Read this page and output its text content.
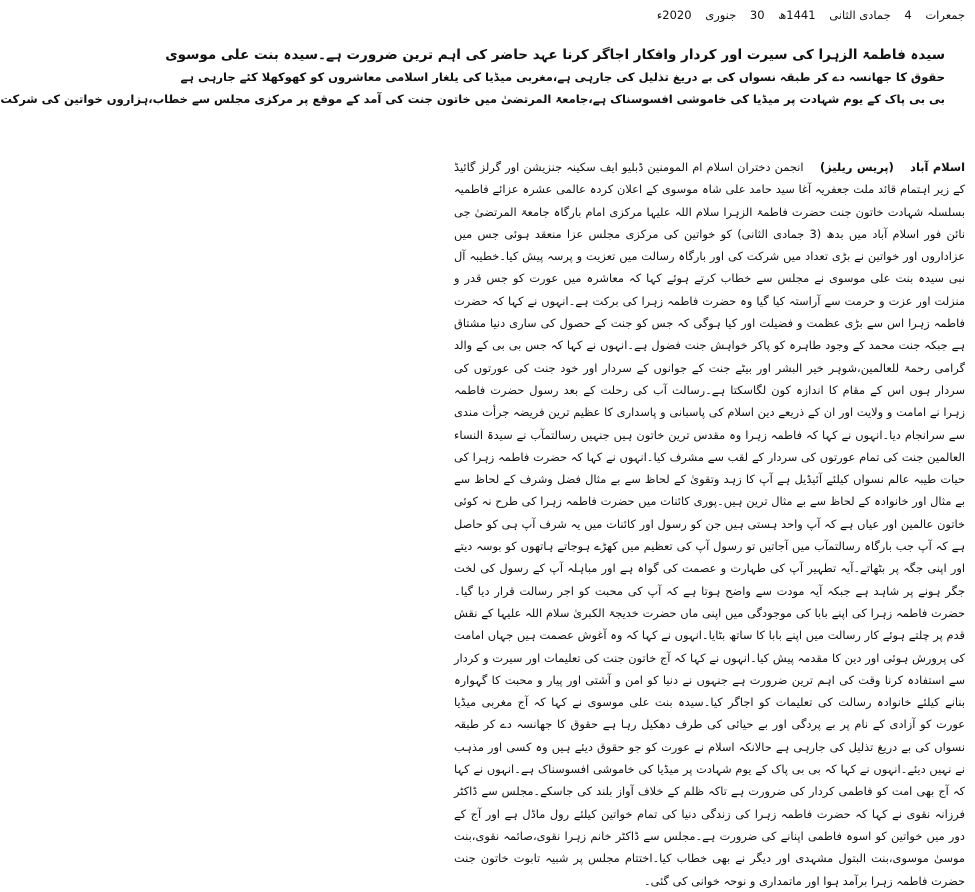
جمعرات 4 جمادی الثانی 1441ھ 30 جنوری 2020ء
سیدہ فاطمۃ الزہرا کی سیرت اور کردار وافکار اجاگر کرنا عہد حاضر کی اہم ترین ضرورت ہے۔سیدہ بنت علی موسوی
حقوق کا جھانسہ دے کر طبقہ نسواں کی بے دریغ تذلیل کی جارہی ہے،مغربی میڈیا کی یلغار اسلامی معاشروں کو کھوکھلا کئے جارہی ہے
بی بی پاک کے یوم شہادت پر میڈیا کی خاموشی افسوسناک ہے،جامعۃ المرتضیٰ میں خاتون جنت کی آمد کے موقع پر مرکزی مجلس سے خطاب،ہزاروں خواتین کی شرکت

اسلام آباد    (پریس ریلیز)    انجمن دختران اسلام ام المومنین ڈبلیو ایف سکینہ جنزیشن اور گرلز گائیڈ کے زیر اہتمام قائد ملت جعفریہ آغا سید حامد علی شاہ موسوی کے اعلان کردہ عالمی عشرہ عزائے فاطمیہ بسلسلہ شہادت خاتون جنت حضرت فاطمۃ الزہرا سلام اللہ علیہا مرکزی امام بارگاہ جامعۃ المرتضیٰ جی نائن فور اسلام آباد میں بدھ (3 جمادی الثانی) کو خواتین کی مرکزی مجلس عزا منعقد ہوئی جس میں عزاداروں اور خواتین نے بڑی تعداد میں شرکت کی اور بارگاہ رسالت میں تعزیت و پرسہ پیش کیا۔خطیبہ آل نبی سیدہ بنت علی موسوی نے مجلس سے خطاب کرتے ہوئے کہا کہ معاشرہ میں عورت کو جس قدر و منزلت اور عزت و حرمت سے آراستہ کیا گیا وہ حضرت فاطمہ زہرا کی برکت ہے۔انہوں نے کہا کہ حضرت فاطمہ زہرا اس سے بڑی عظمت و فضیلت اور کیا ہوگی کہ جس کو جنت کے حصول کی ساری دنیا مشتاق ہے جبکہ جنت محمد کے وجود طاہرہ کو پاکر خواہش جنت فضول ہے۔انہوں نے کہا کہ جس بی بی کے والد گرامی رحمۃ للعالمین،شوہر خیر البشر اور بیٹے جنت کے جوانوں کے سردار اور خود جنت کی عورتوں کی سردار ہوں اس کے مقام کا اندازہ کون لگاسکتا ہے۔رسالت آب کی رحلت کے بعد رسول حضرت فاطمہ زہرا نے امامت و ولایت اور ان کے ذریعے دین اسلام کی پاسبانی و پاسداری کا عظیم ترین فریضہ جرأت مندی سے سرانجام دیا۔انہوں نے کہا کہ فاطمہ زہرا وہ مقدس ترین خاتون ہیں جنہیں رسالتمآب نے سیدۃ النساء العالمین جنت کی تمام عورتوں کی سردار کے لقب سے مشرف کیا۔انہوں نے کہا کہ حضرت فاطمہ زہرا کی حیات طیبہ عالم نسواں کیلئے آئیڈیل ہے آپ کا زہد وتقویٰ کے لحاظ سے بے مثال فضل وشرف کے لحاظ سے بے مثال اور خانوادہ کے لحاظ سے بے مثال ترین ہیں۔پوری کائنات میں حضرت فاطمہ زہرا کی طرح نہ کوئی خاتون عالمین اور عیاں ہے کہ آپ واحد ہستی ہیں جن کو رسول اور کائنات میں یہ شرف آپ ہی کو حاصل ہے کہ آپ جب بارگاہ رسالتمآب میں آجاتیں تو رسول آپ کی تعظیم میں کھڑے ہوجاتے ہاتھوں کو بوسہ دیتے اور اپنی جگہ پر بٹھاتے۔آیہ تطہیر آپ کی طہارت و عصمت کی گواہ ہے اور مباہلہ آپ کے رسول کی لخت جگر ہونے پر شاہد ہے جبکہ آیہ مودت سے واضح ہوتا ہے کہ آپ کی محبت کو اجر رسالت قرار دیا گیا۔حضرت فاطمہ زہرا کی اپنے بابا کی موجودگی میں اپنی ماں حضرت خدیجۃ الکبریٰ سلام اللہ علیہا کے نقش قدم پر چلتے ہوئے کار رسالت میں اپنے بابا کا ساتھ بٹایا۔انہوں نے کہا کہ وہ آغوش عصمت ہیں جہاں امامت کی پرورش ہوئی اور دین کا مقدمہ پیش کیا۔انہوں نے کہا کہ آج خاتون جنت کی تعلیمات اور سیرت و کردار سے استفادہ کرنا وقت کی اہم ترین ضرورت ہے جنہوں نے دنیا کو امن و آشتی اور پیار و محبت کا گہوارہ بنانے کیلئے خانوادہ رسالت کی تعلیمات کو اجاگر کیا۔سیدہ بنت علی موسوی نے کہا کہ آج مغربی میڈیا عورت کو آزادی کے نام پر بے پردگی اور بے حیائی کی طرف دھکیل رہا ہے حقوق کا جھانسہ دے کر طبقہ نسواں کی بے دریغ تذلیل کی جارہی ہے حالانکہ اسلام نے عورت کو جو حقوق دیئے ہیں وہ کسی اور مذہب نے نہیں دیئے۔انہوں نے کہا کہ بی بی پاک کے یوم شہادت پر میڈیا کی خاموشی افسوسناک ہے۔انہوں نے کہا کہ آج بھی امت کو فاطمی کردار کی ضرورت ہے تاکہ ظلم کے خلاف آواز بلند کی جاسکے۔مجلس سے ڈاکٹر فرزانہ نقوی نے کہا کہ حضرت فاطمہ زہرا کی زندگی دنیا کی تمام خواتین کیلئے رول ماڈل ہے اور آج کے دور میں خواتین کو اسوہ فاطمی اپنانے کی ضرورت ہے۔مجلس سے ڈاکٹر خانم زہرا نقوی،صائمہ نقوی،بنت موسیٰ موسوی،بنت البتول مشہدی اور دیگر نے بھی خطاب کیا۔اختتام مجلس پر شبیہ تابوت خاتون جنت حضرت فاطمہ زہرا برآمد ہوا اور ماتمداری و نوحہ خوانی کی گئی۔
